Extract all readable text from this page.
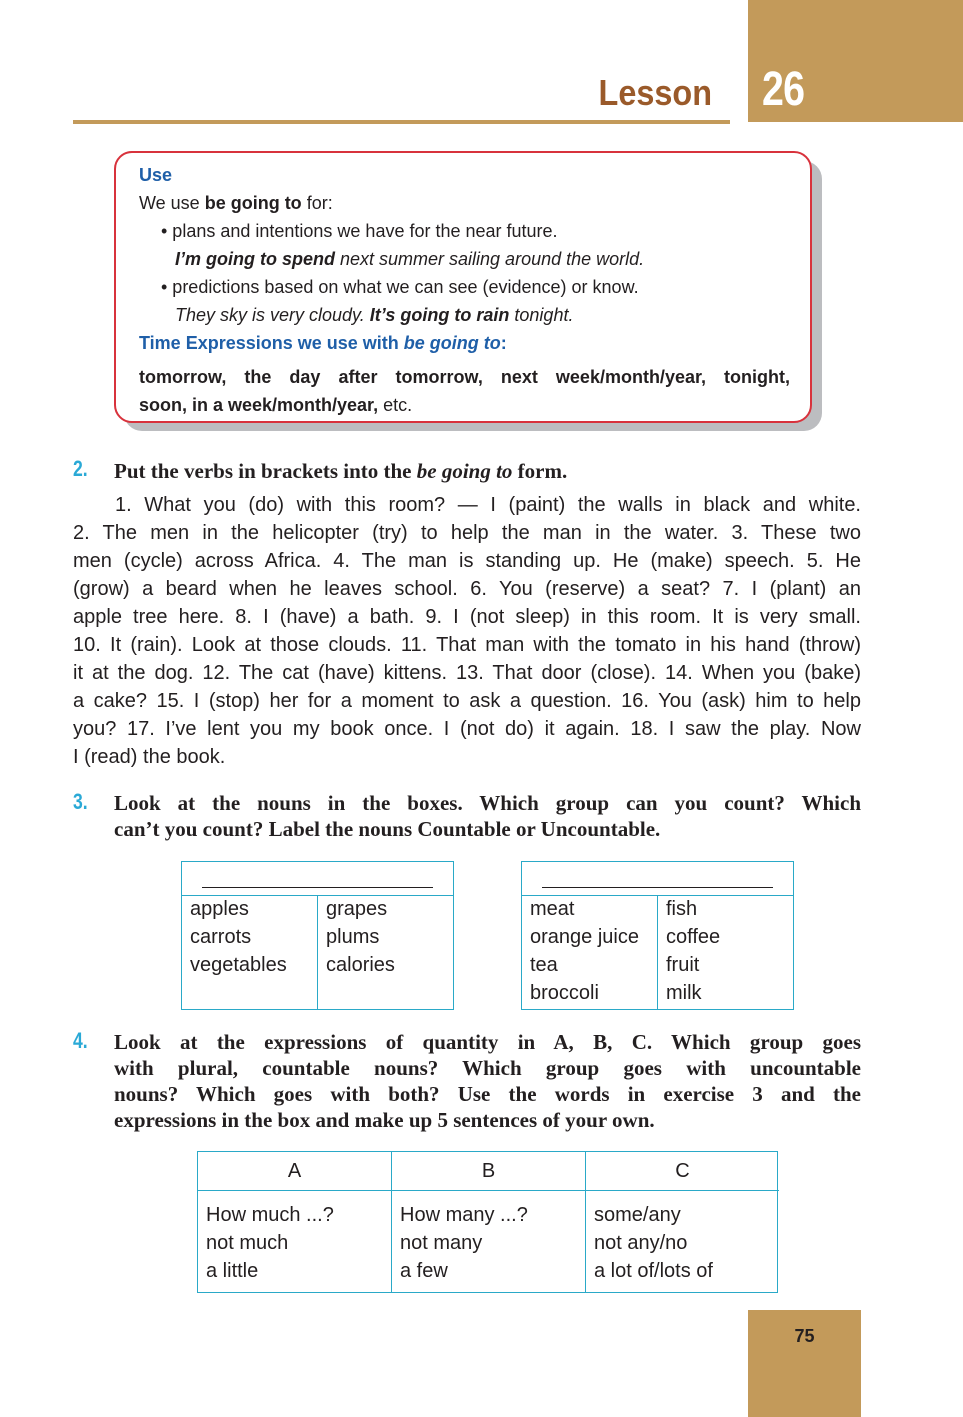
26
Lesson
Use
We use be going to for:
• plans and intentions we have for the near future.
I’m going to spend next summer sailing around the world.
• predictions based on what we can see (evidence) or know.
They sky is very cloudy. It’s going to rain tonight.
Time Expressions we use with be going to:
tomorrow, the day after tomorrow, next week/month/year, tonight,
soon, in a week/month/year, etc.
2. Put the verbs in brackets into the be going to form.
1. What you (do) with this room? — I (paint) the walls in black and white.
2. The men in the helicopter (try) to help the man in the water. 3. These two
men (cycle) across Africa. 4. The man is standing up. He (make) speech. 5. He
(grow) a beard when he leaves school. 6. You (reserve) a seat? 7. I (plant) an
apple tree here. 8. I (have) a bath. 9. I (not sleep) in this room. It is very small.
10. It (rain). Look at those clouds. 11. That man with the tomato in his hand (throw)
it at the dog. 12. The cat (have) kittens. 13. That door (close). 14. When you (bake)
a cake? 15. I (stop) her for a moment to ask a question. 16. You (ask) him to help
you? 17. I’ve lent you my book once. I (not do) it again. 18. I saw the play. Now
I (read) the book.
3. Look at the nouns in the boxes. Which group can you count? Which
can’t you count? Label the nouns Countable or Uncountable.
apples
carrots
vegetables
grapes
plums
calories
meat
orange juice
tea
broccoli
fish
coffee
fruit
milk
4. Look at the expressions of quantity in A, B, C. Which group goes
with plural, countable nouns? Which group goes with uncountable
nouns? Which goes with both? Use the words in exercise 3 and the
expressions in the box and make up 5 sentences of your own.
A
How much ...?
not much
a little
B
How many ...?
not many
a few
C
some/any
not any/no
a lot of/lots of
75
